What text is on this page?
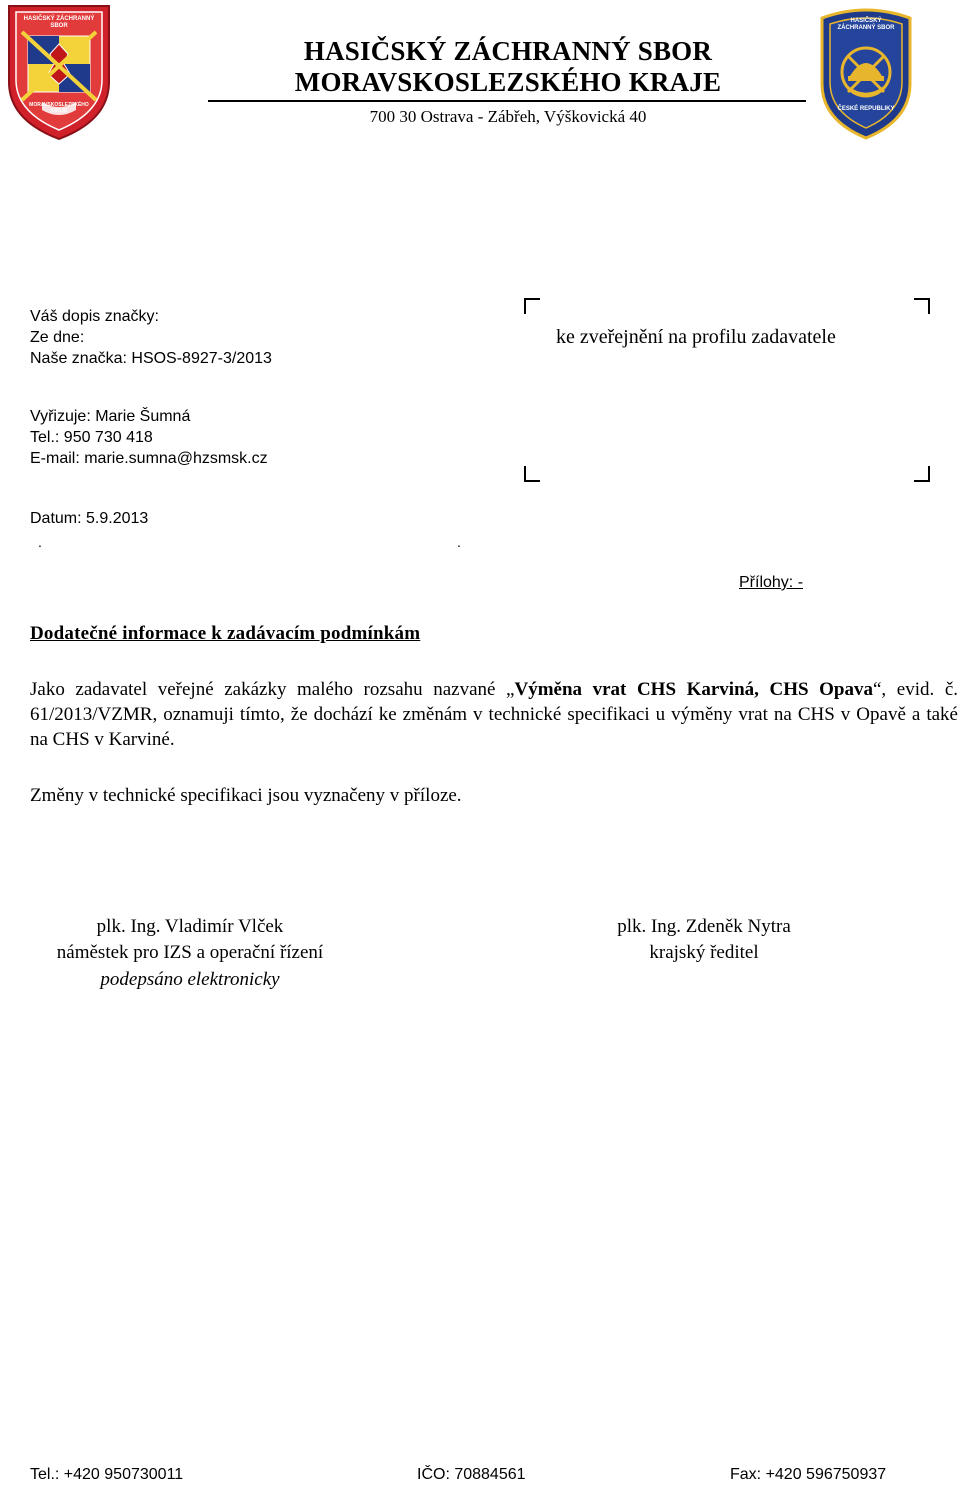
HASIČSKÝ ZÁCHRANNÝ SBOR
MORAVSKOSLEZSKÉHO KRAJE
HASIČSKÝ ZÁCHRANNÝ SBOR
MORAVSKOSLEZSKÉHO KRAJE
700 30 Ostrava - Zábřeh, Výškovická 40
HASIČSKÝ ZÁCHRANNÝ SBOR
ČESKÉ REPUBLIKY
Váš dopis značky:
Ze dne:
Naše značka: HSOS-8927-3/2013
Vyřizuje: Marie Šumná
Tel.: 950 730 418
E-mail: marie.sumna@hzsmsk.cz
Datum: 5.9.2013
ke zveřejnění na profilu zadavatele
.	.
Přílohy: -
Dodatečné informace k zadávacím podmínkám
Jako zadavatel veřejné zakázky malého rozsahu nazvané „Výměna vrat CHS Karviná, CHS Opava“, evid. č. 61/2013/VZMR, oznamuji tímto, že dochází ke změnám v technické specifikaci u výměny vrat na CHS v Opavě a také na CHS v Karviné.
Změny v technické specifikaci jsou vyznačeny v příloze.
plk. Ing. Vladimír Vlček
náměstek pro IZS a operační řízení
podepsáno elektronicky
plk. Ing. Zdeněk Nytra
krajský ředitel
Tel.: +420 950730011	IČO: 70884561	Fax: +420 596750937
